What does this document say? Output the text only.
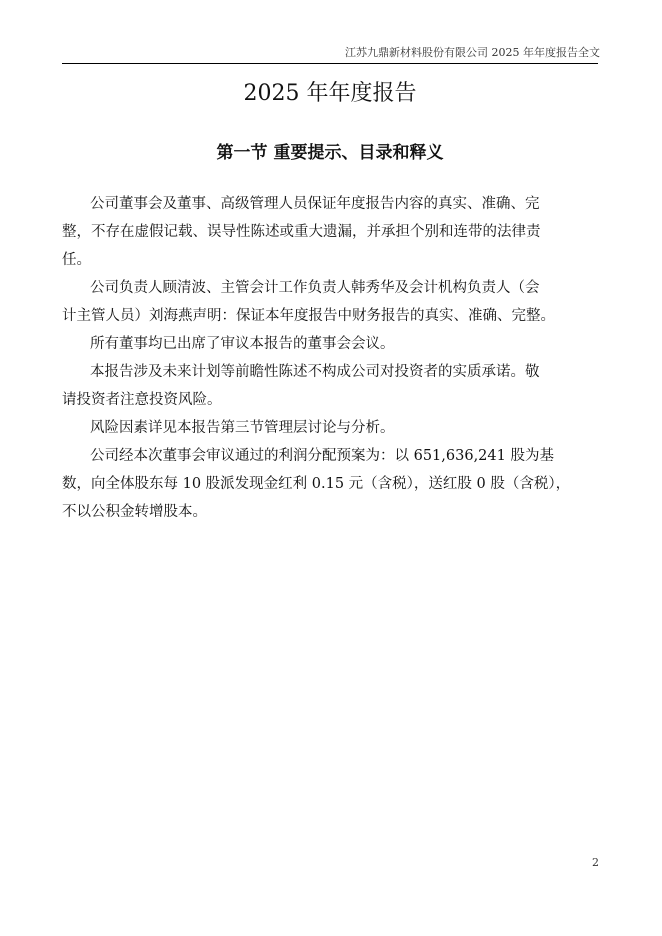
江苏九鼎新材料股份有限公司 2025 年年度报告全文
2025 年年度报告
第一节 重要提示、目录和释义

公司董事会及董事、高级管理人员保证年度报告内容的真实、准确、完
整，不存在虚假记载、误导性陈述或重大遗漏，并承担个别和连带的法律责
任。

公司负责人顾清波、主管会计工作负责人韩秀华及会计机构负责人（会
计主管人员）刘海燕声明：保证本年度报告中财务报告的真实、准确、完整。

所有董事均已出席了审议本报告的董事会会议。

本报告涉及未来计划等前瞻性陈述不构成公司对投资者的实质承诺。敬
请投资者注意投资风险。

风险因素详见本报告第三节管理层讨论与分析。

公司经本次董事会审议通过的利润分配预案为：以 651,636,241 股为基
数，向全体股东每 10 股派发现金红利 0.15 元（含税），送红股 0 股（含税），
不以公积金转增股本。

2
